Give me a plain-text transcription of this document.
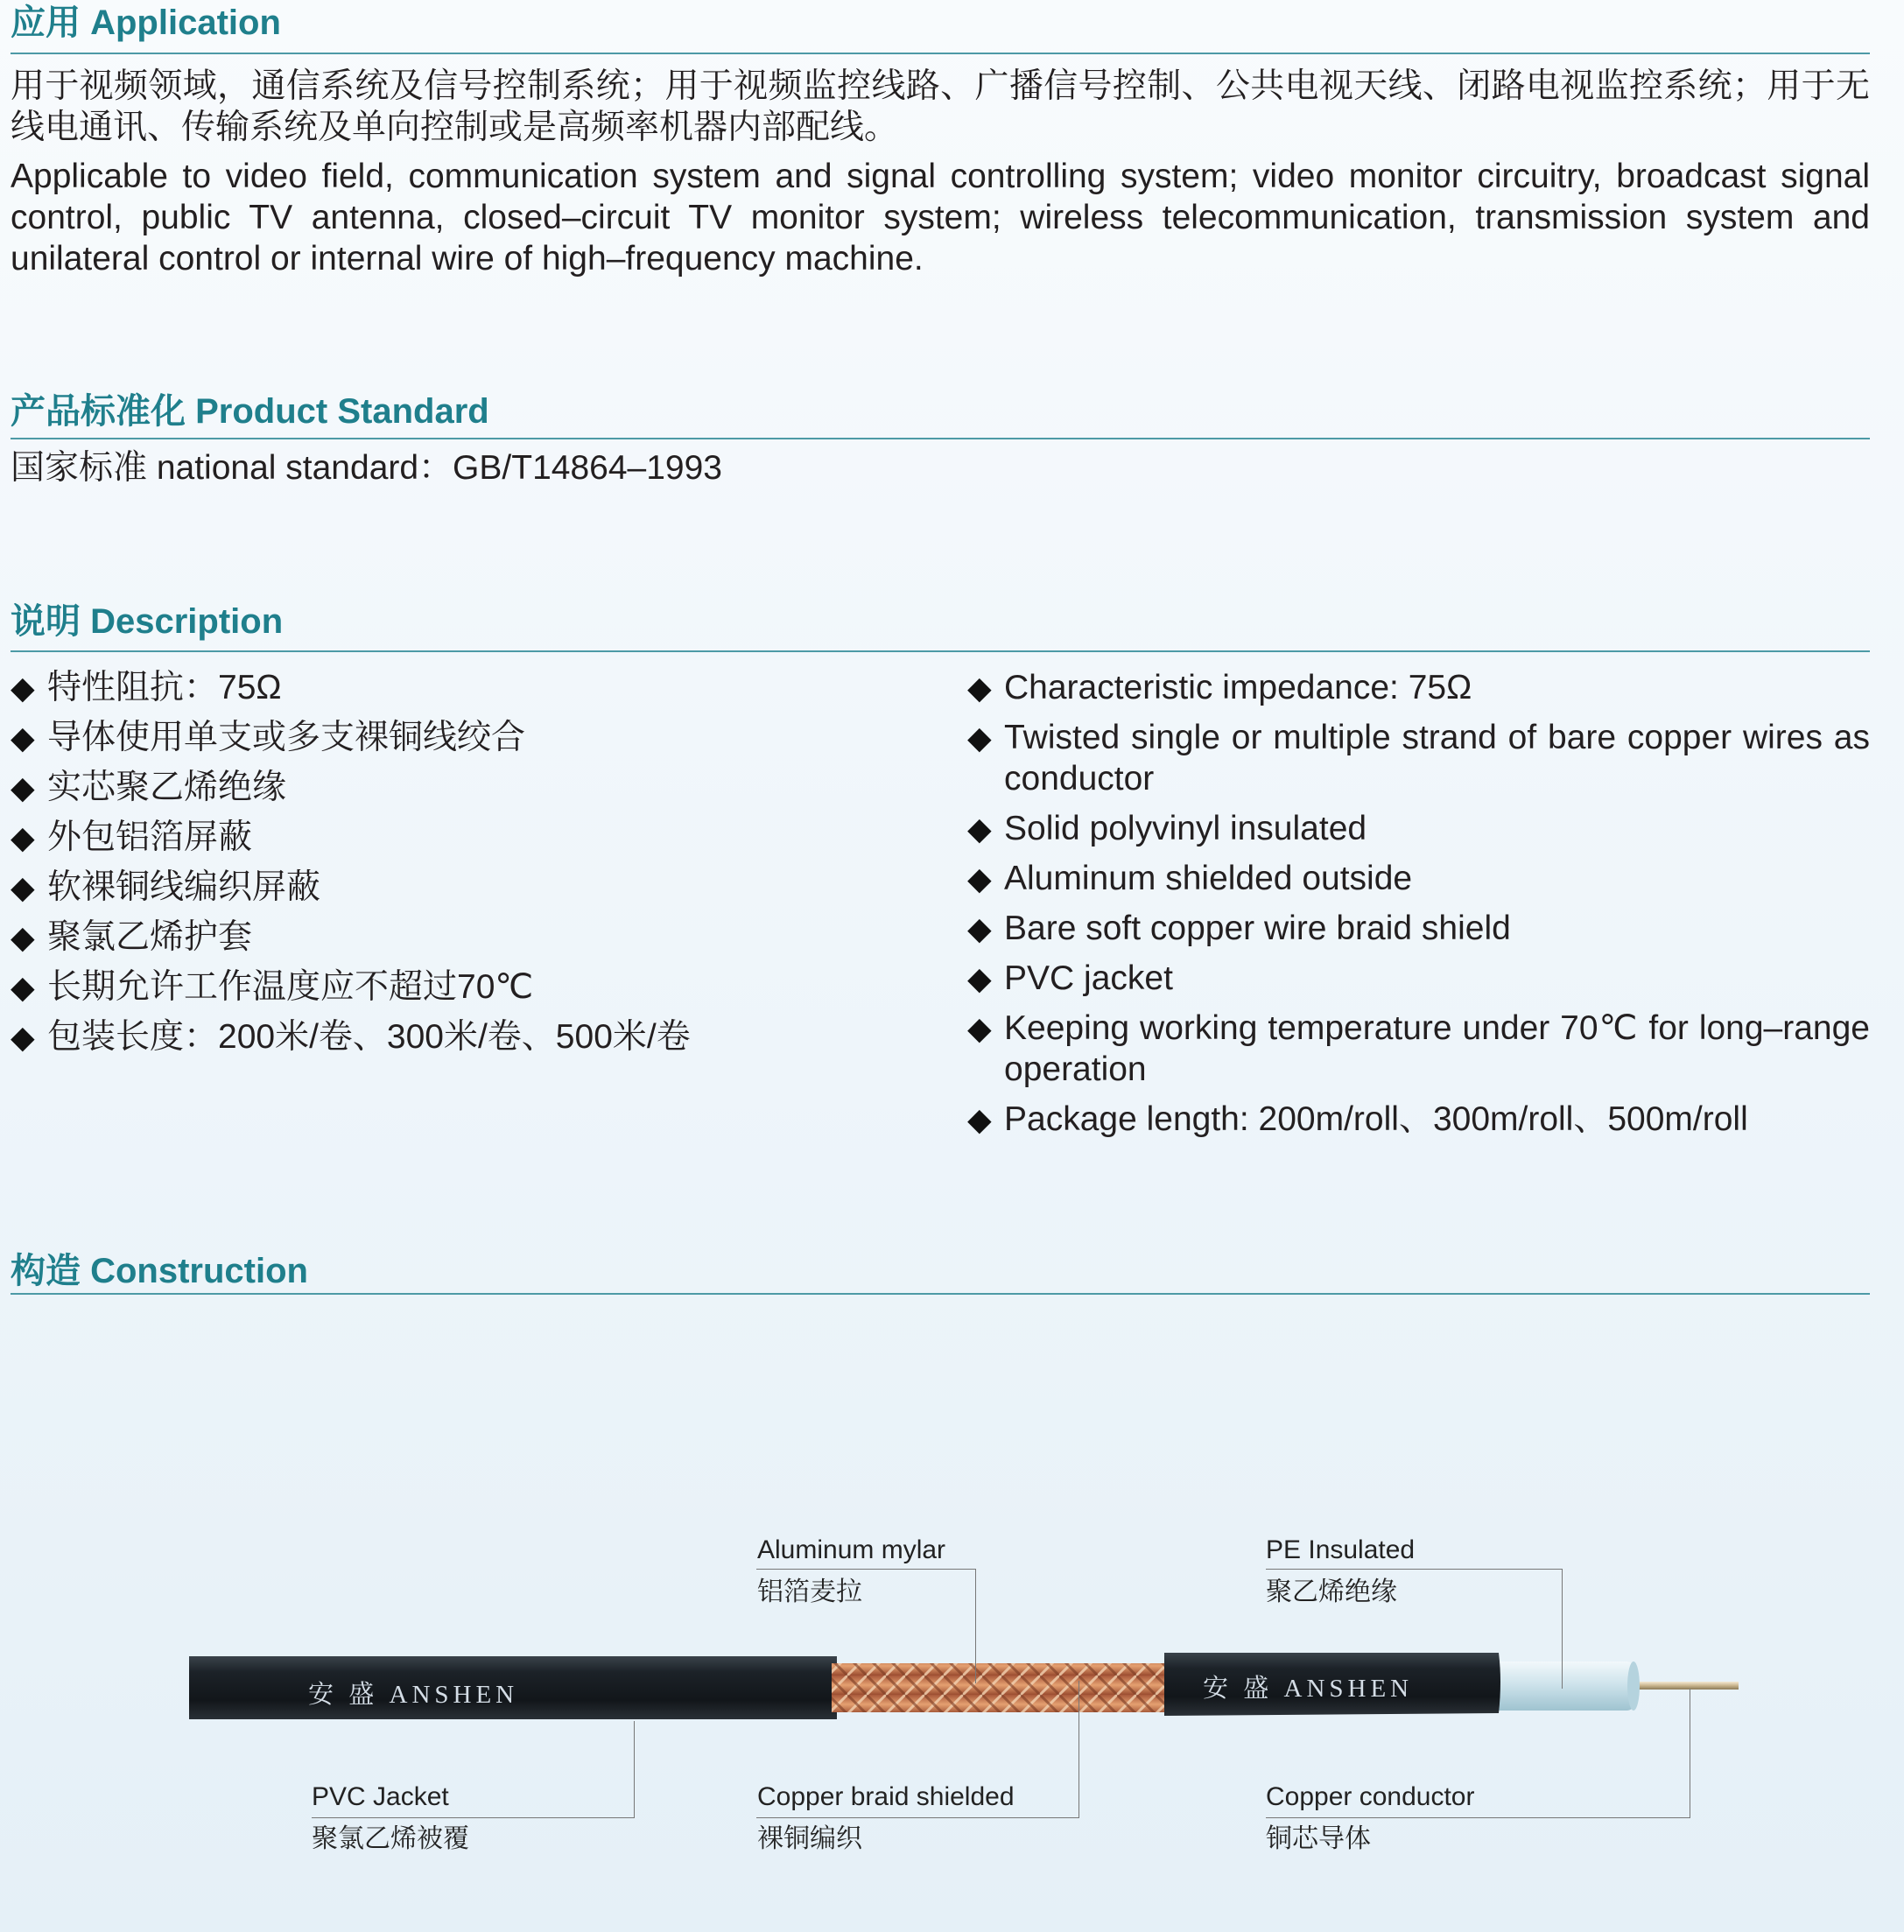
应用 Application

用于视频领域，通信系统及信号控制系统；用于视频监控线路、广播信号控制、公共电视天线、闭路电视监控系统；用于无线电通讯、传输系统及单向控制或是高频率机器内部配线。

Applicable to video field, communication system and signal controlling system; video monitor circuitry, broadcast signal control, public TV antenna, closed–circuit TV monitor system; wireless telecommunication, transmission system and unilateral control or internal wire of high–frequency machine.

产品标准化 Product Standard

国家标准 national standard：GB/T14864–1993

说明 Description
◆ 特性阻抗：75Ω
◆ 导体使用单支或多支裸铜线绞合
◆ 实芯聚乙烯绝缘
◆ 外包铝箔屏蔽
◆ 软裸铜线编织屏蔽
◆ 聚氯乙烯护套
◆ 长期允许工作温度应不超过70℃
◆ 包装长度：200米/卷、300米/卷、500米/卷
◆ Characteristic impedance: 75Ω
◆ Twisted single or multiple strand of bare copper wires as conductor
◆ Solid polyvinyl insulated
◆ Aluminum shielded outside
◆ Bare soft copper wire braid shield
◆ PVC jacket
◆ Keeping working temperature under 70℃ for long–range operation
◆ Package length: 200m/roll、300m/roll、500m/roll
构造 Construction
安 盛 ANSHEN	安 盛 ANSHEN
Aluminum mylar
铝箔麦拉
PE Insulated
聚乙烯绝缘
PVC Jacket
聚氯乙烯被覆
Copper braid shielded
裸铜编织
Copper conductor
铜芯导体
